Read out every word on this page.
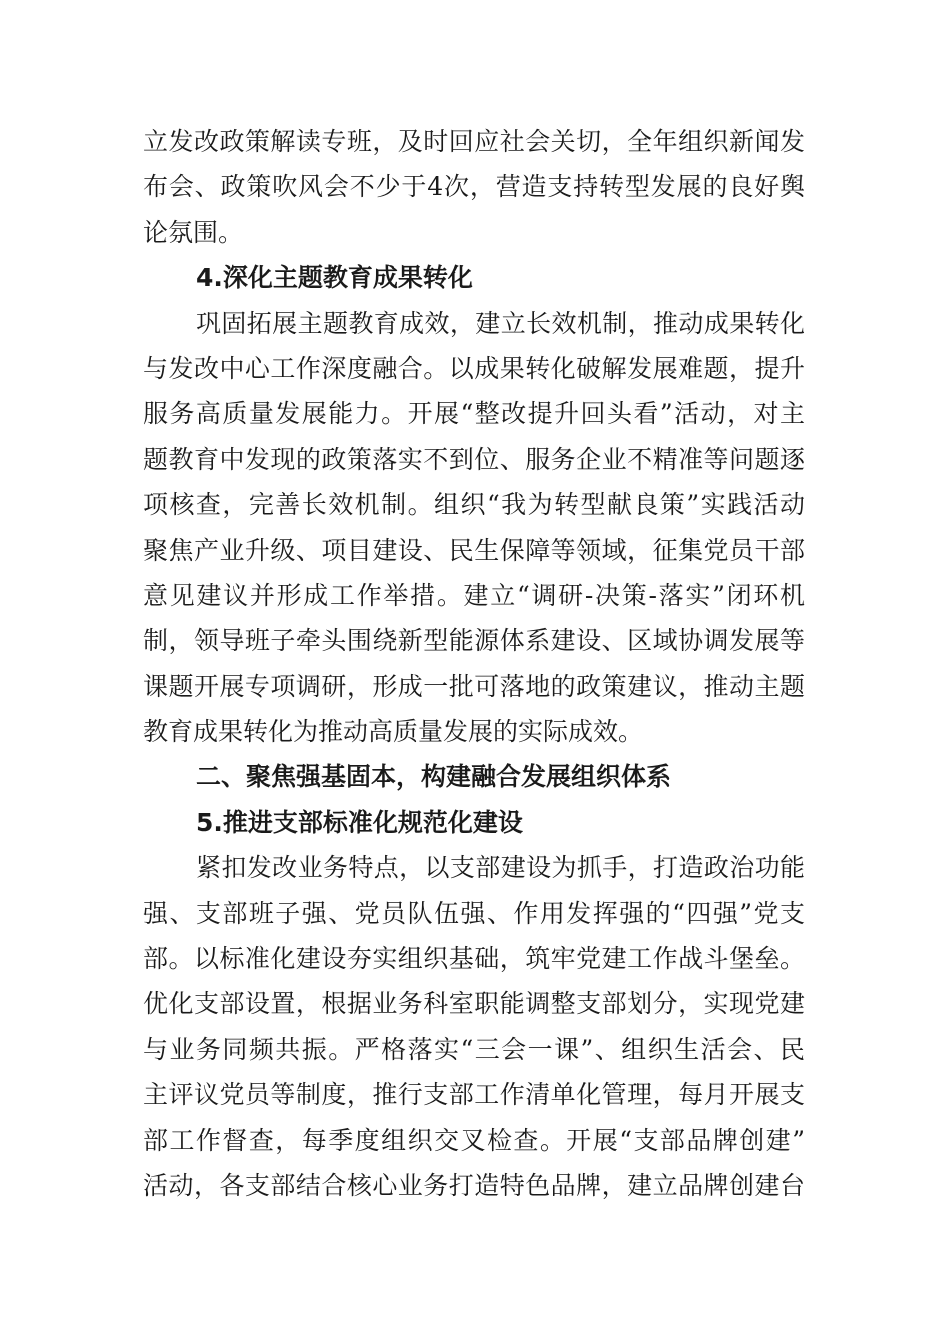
立发改政策解读专班，及时回应社会关切，全年组织新闻发
布会、政策吹风会不少于4次，营造支持转型发展的良好舆
论氛围。
4.深化主题教育成果转化
巩固拓展主题教育成效，建立长效机制，推动成果转化
与发改中心工作深度融合。以成果转化破解发展难题，提升
服务高质量发展能力。开展“整改提升回头看”活动，对主
题教育中发现的政策落实不到位、服务企业不精准等问题逐
项核查，完善长效机制。组织“我为转型献良策”实践活动
聚焦产业升级、项目建设、民生保障等领域，征集党员干部
意见建议并形成工作举措。建立“调研-决策-落实”闭环机
制，领导班子牵头围绕新型能源体系建设、区域协调发展等
课题开展专项调研，形成一批可落地的政策建议，推动主题
教育成果转化为推动高质量发展的实际成效。
二、聚焦强基固本，构建融合发展组织体系
5.推进支部标准化规范化建设
紧扣发改业务特点，以支部建设为抓手，打造政治功能
强、支部班子强、党员队伍强、作用发挥强的“四强”党支
部。以标准化建设夯实组织基础，筑牢党建工作战斗堡垒。
优化支部设置，根据业务科室职能调整支部划分，实现党建
与业务同频共振。严格落实“三会一课”、组织生活会、民
主评议党员等制度，推行支部工作清单化管理，每月开展支
部工作督查，每季度组织交叉检查。开展“支部品牌创建”
活动，各支部结合核心业务打造特色品牌，建立品牌创建台
